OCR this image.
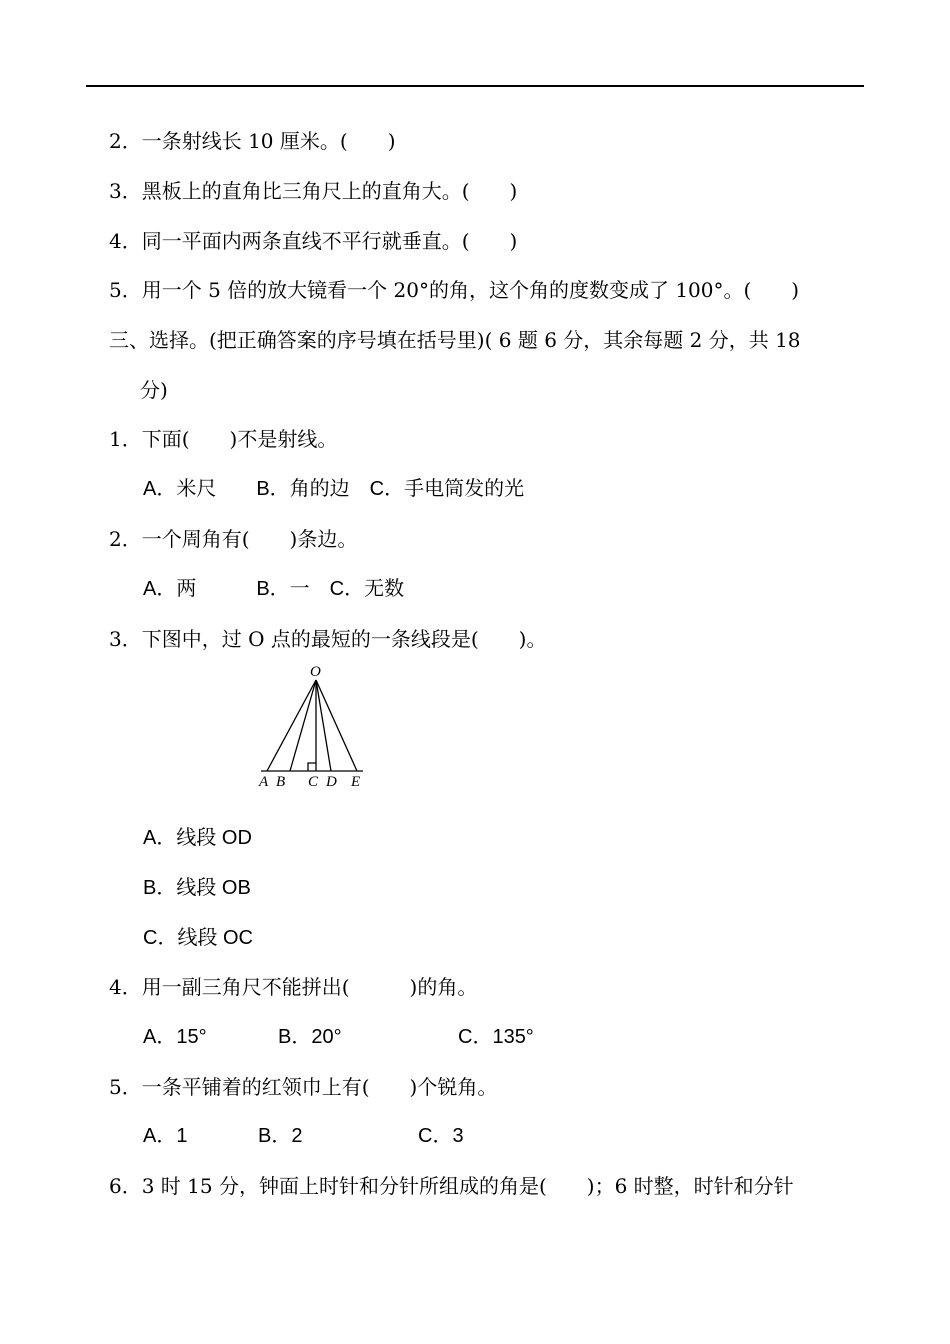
2．一条射线长 10 厘米。(　　)
3．黑板上的直角比三角尺上的直角大。(　　)
4．同一平面内两条直线不平行就垂直。(　　)
5．用一个 5 倍的放大镜看一个 20°的角，这个角的度数变成了 100°。(　　)
三、选择。(把正确答案的序号填在括号里)( 6 题 6 分，其余每题 2 分，共 18
分)
1．下面(　　)不是射线。
A．米尺　　B．角的边　C．手电筒发的光
2．一个周角有(　　)条边。
A．两　　　B．一　C．无数
3．下图中，过 O 点的最短的一条线段是(　　)。
O
A B C D E
A．线段 OD
B．线段 OB
C．线段 OC
4．用一副三角尺不能拼出(　　　)的角。
A．15°	B．20°	C．135°
5．一条平铺着的红领巾上有(　　)个锐角。
A．1	B．2	C．3
6．3 时 15 分，钟面上时针和分针所组成的角是(　　)；6 时整，时针和分针
